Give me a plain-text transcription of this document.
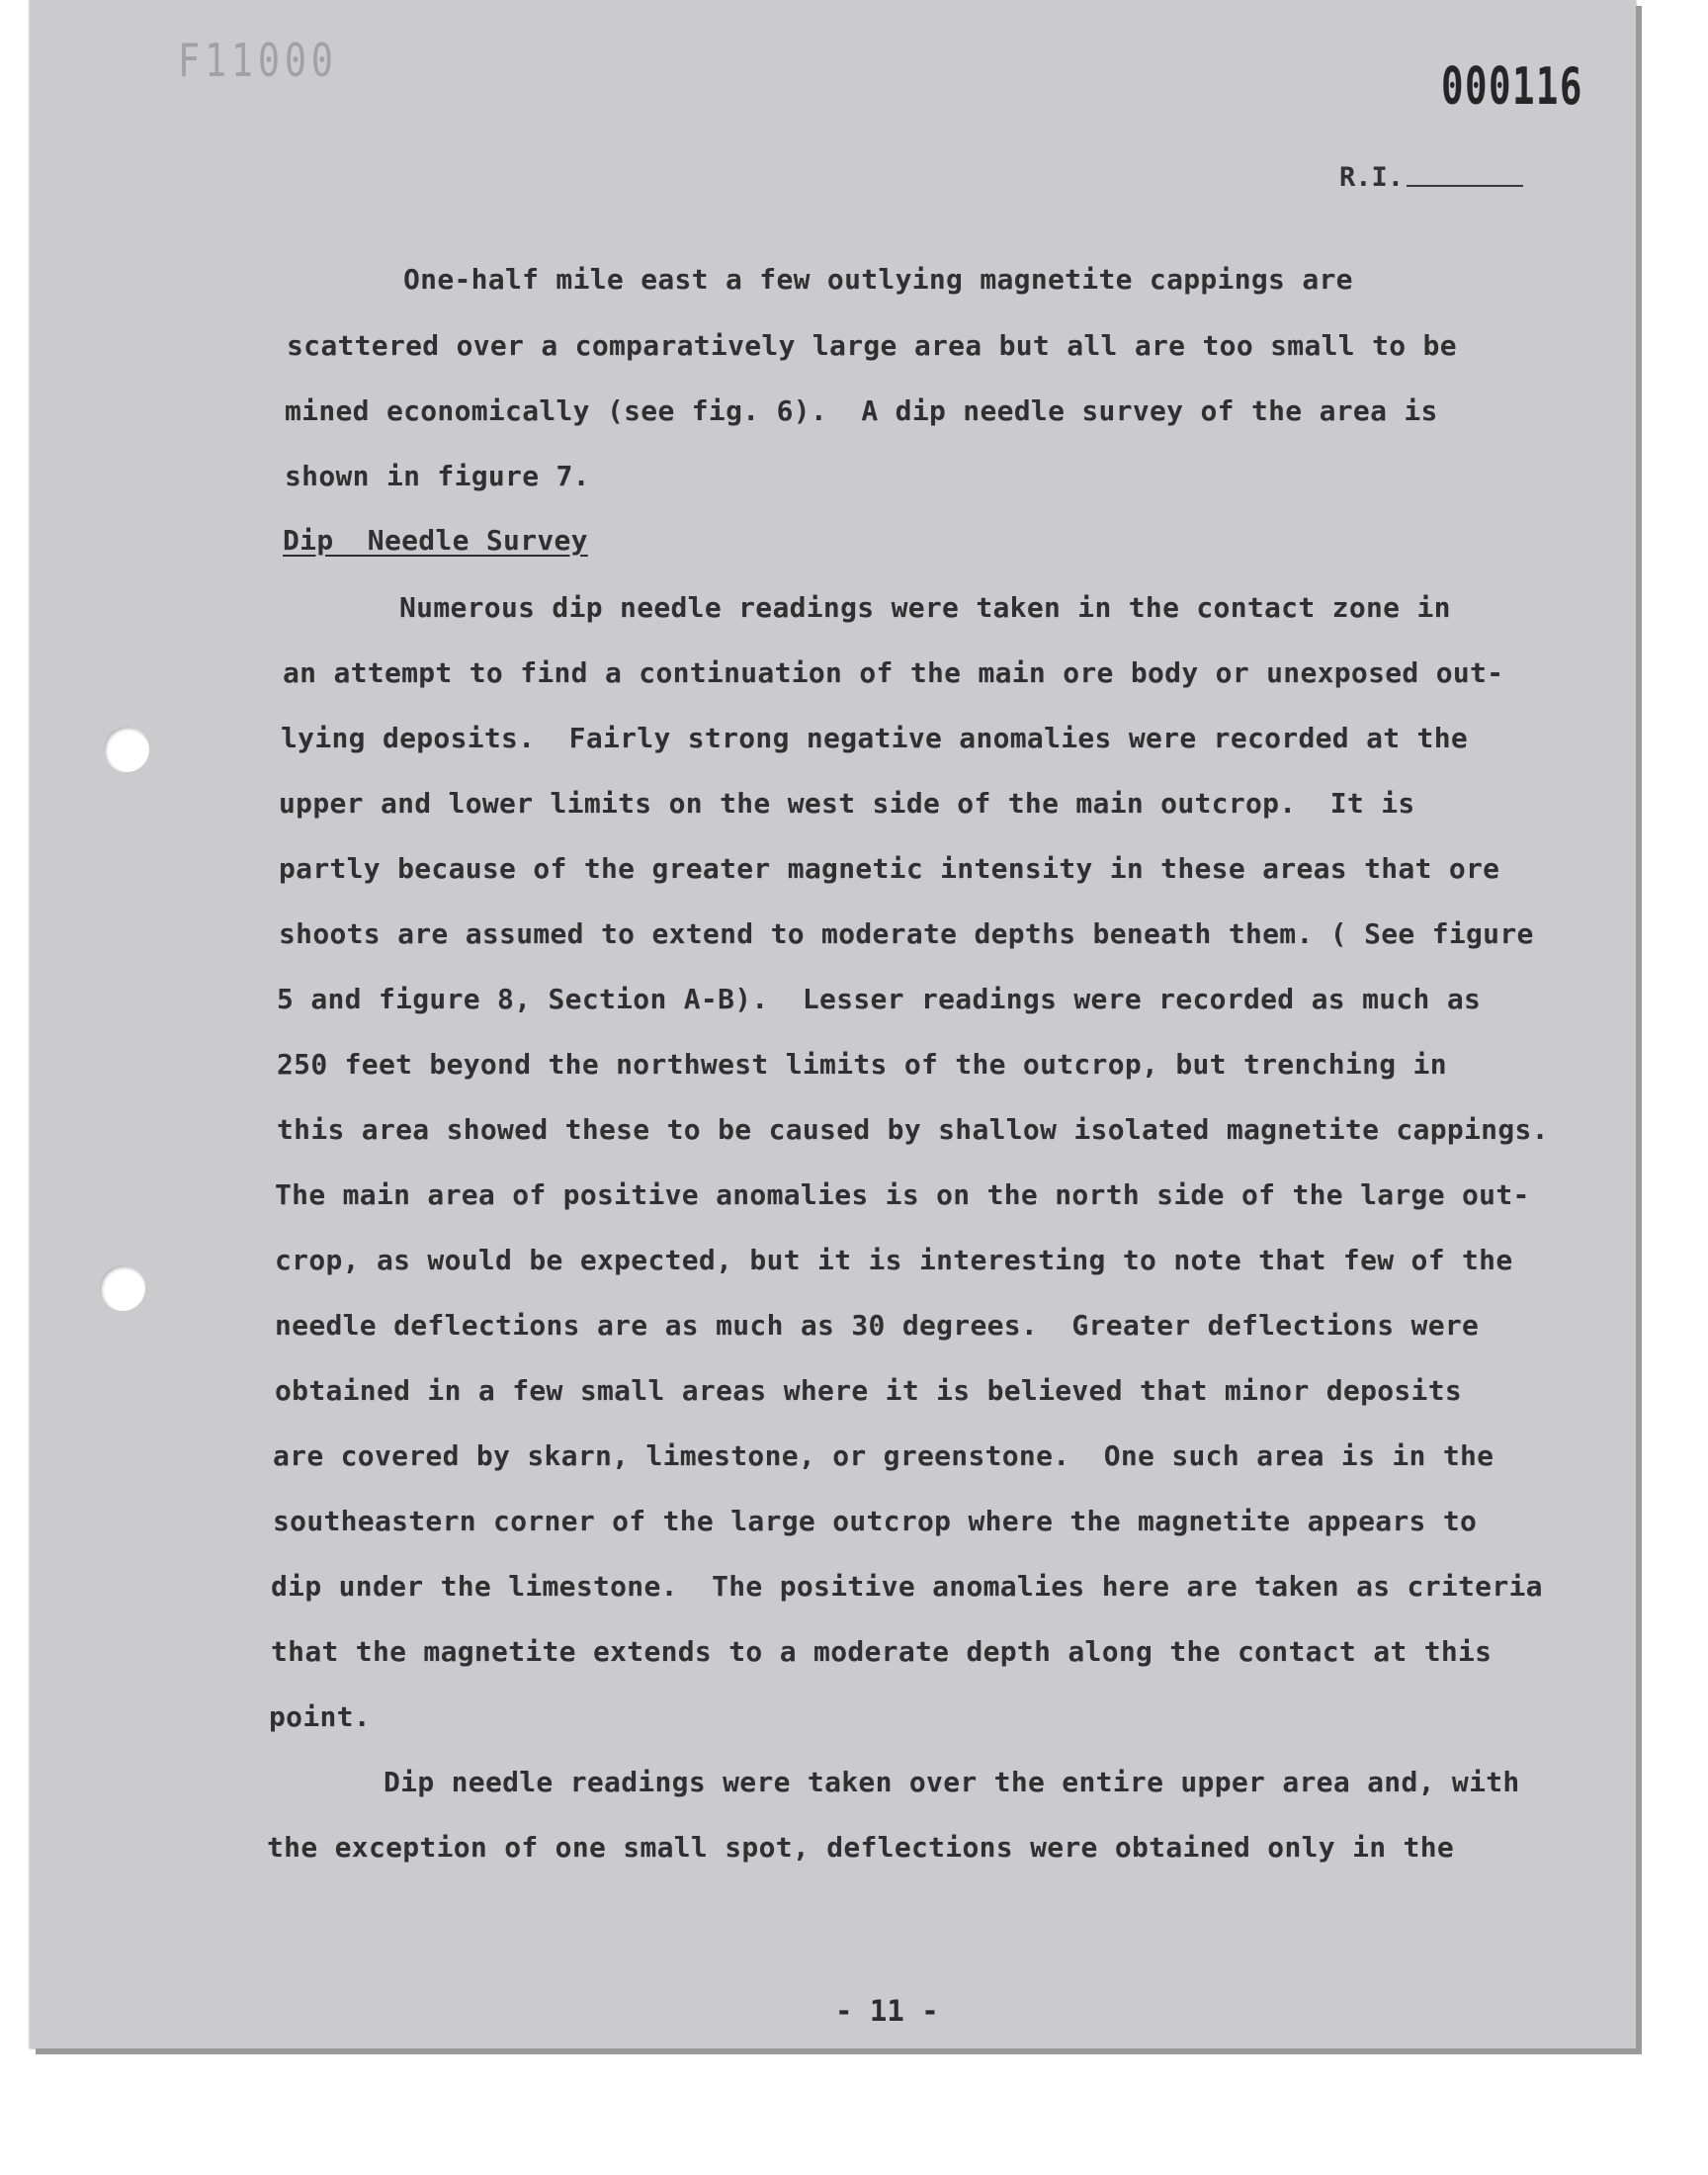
F11000	000116
R.I.
One-half mile east a few outlying magnetite cappings are
scattered over a comparatively large area but all are too small to be
mined economically (see fig. 6).  A dip needle survey of the area is
shown in figure 7.
Dip  Needle Survey
Numerous dip needle readings were taken in the contact zone in
an attempt to find a continuation of the main ore body or unexposed out-
lying deposits.  Fairly strong negative anomalies were recorded at the
upper and lower limits on the west side of the main outcrop.  It is
partly because of the greater magnetic intensity in these areas that ore
shoots are assumed to extend to moderate depths beneath them. ( See figure
5 and figure 8, Section A-B).  Lesser readings were recorded as much as
250 feet beyond the northwest limits of the outcrop, but trenching in
this area showed these to be caused by shallow isolated magnetite cappings.
The main area of positive anomalies is on the north side of the large out-
crop, as would be expected, but it is interesting to note that few of the
needle deflections are as much as 30 degrees.  Greater deflections were
obtained in a few small areas where it is believed that minor deposits
are covered by skarn, limestone, or greenstone.  One such area is in the
southeastern corner of the large outcrop where the magnetite appears to
dip under the limestone.  The positive anomalies here are taken as criteria
that the magnetite extends to a moderate depth along the contact at this
point.
Dip needle readings were taken over the entire upper area and, with
the exception of one small spot, deflections were obtained only in the
- 11 -
